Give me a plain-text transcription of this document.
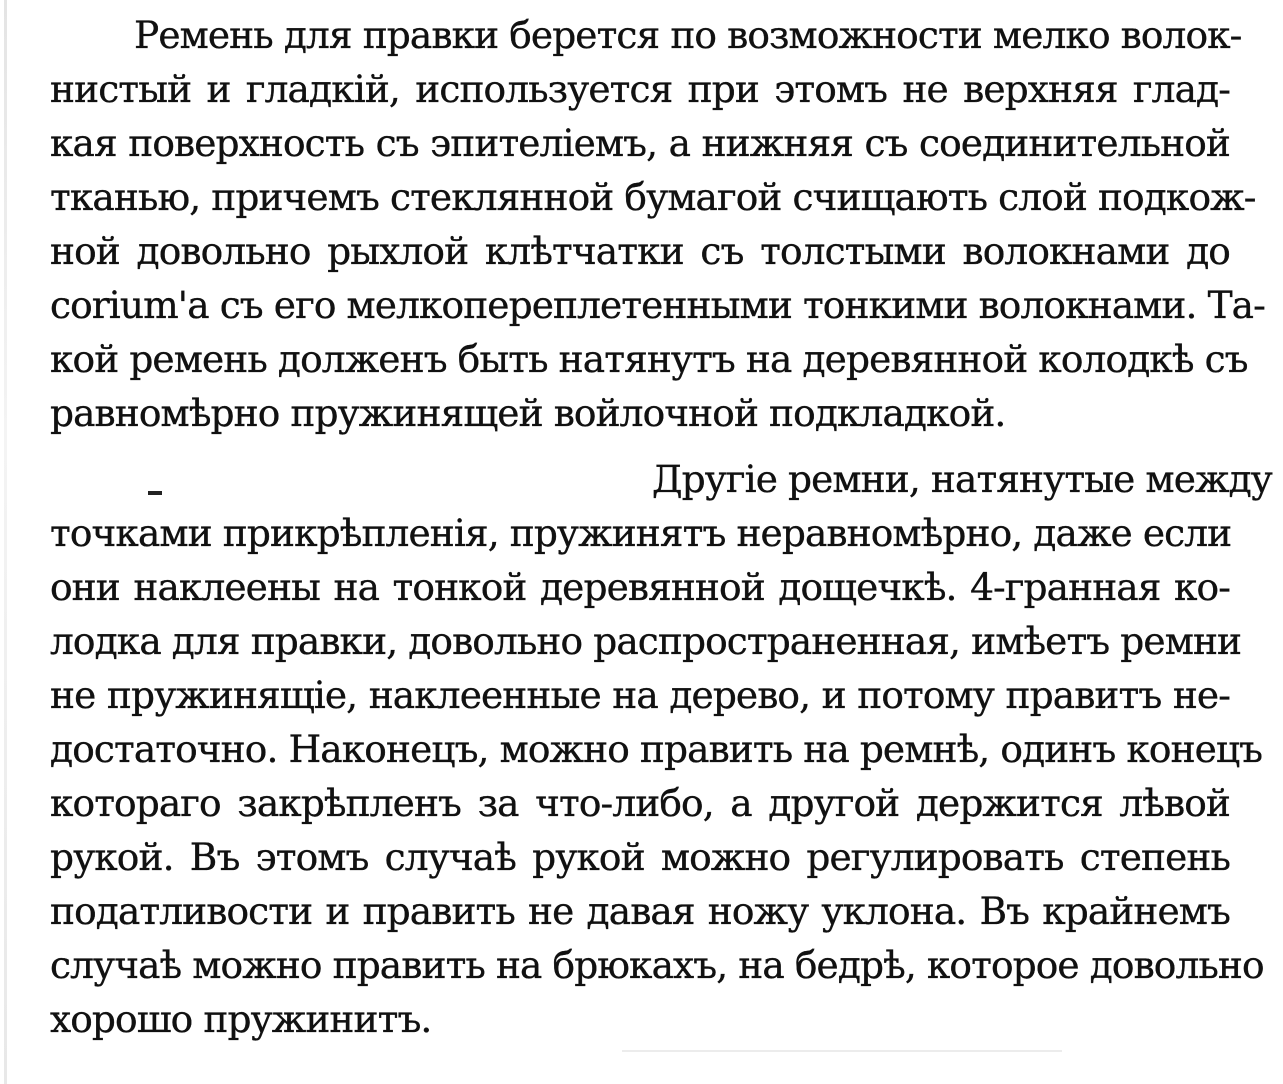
Ремень для правки берется по возможности мелко волок-
нистый и гладкій, используется при этомъ не верхняя глад-
кая поверхность съ эпителіемъ, а нижняя съ соединительной
тканью, причемъ стеклянной бумагой счищають слой подкож-
ной довольно рыхлой клѣтчатки съ толстыми волокнами до
corium'а съ его мелкопереплетенными тонкими волокнами. Та-
кой ремень долженъ быть натянутъ на деревянной колодкѣ съ
равномѣрно пружинящей войлочной подкладкой.
Другіе ремни, натянутые между
точками прикрѣпленія, пружинятъ неравномѣрно, даже если
они наклеены на тонкой деревянной дощечкѣ. 4-гранная ко-
лодка для правки, довольно распространенная, имѣетъ ремни
не пружинящіе, наклеенные на дерево, и потому правитъ не-
достаточно. Наконецъ, можно править на ремнѣ, одинъ конецъ
котораго закрѣпленъ за что-либо, а другой держится лѣвой
рукой. Въ этомъ случаѣ рукой можно регулировать степень
податливости и править не давая ножу уклона. Въ крайнемъ
случаѣ можно править на брюкахъ, на бедрѣ, которое довольно
хорошо пружинитъ.
